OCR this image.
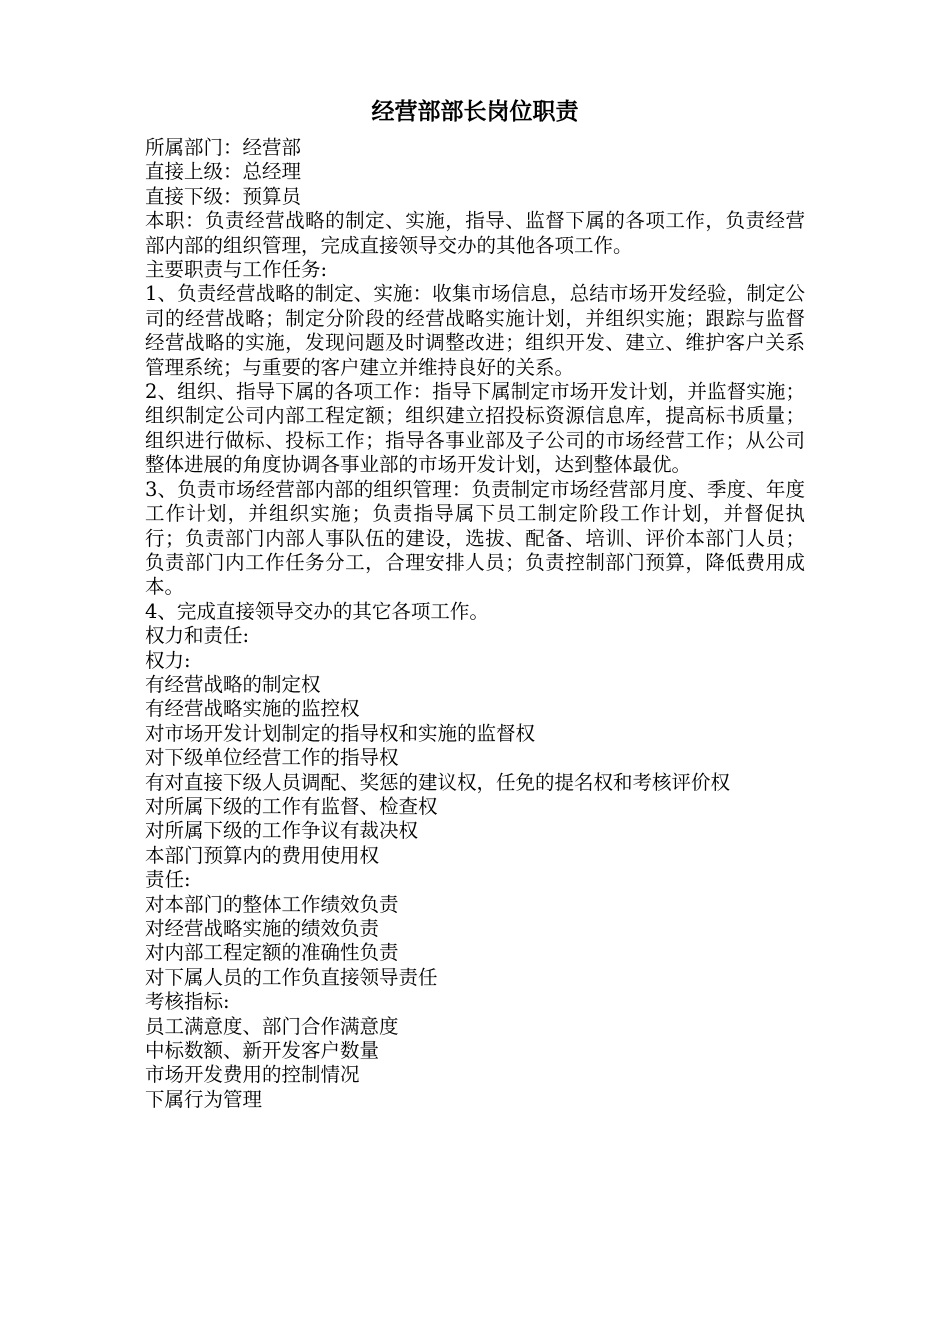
经营部部长岗位职责
所属部门：经营部
直接上级：总经理
直接下级：预算员
本职：负责经营战略的制定、实施，指导、监督下属的各项工作，负责经营部内部的组织管理，完成直接领导交办的其他各项工作。
主要职责与工作任务:
1、负责经营战略的制定、实施：收集市场信息，总结市场开发经验，制定公司的经营战略；制定分阶段的经营战略实施计划，并组织实施；跟踪与监督经营战略的实施，发现问题及时调整改进；组织开发、建立、维护客户关系管理系统；与重要的客户建立并维持良好的关系。
2、组织、指导下属的各项工作：指导下属制定市场开发计划，并监督实施；组织制定公司内部工程定额；组织建立招投标资源信息库，提高标书质量；组织进行做标、投标工作；指导各事业部及子公司的市场经营工作；从公司整体进展的角度协调各事业部的市场开发计划，达到整体最优。
3、负责市场经营部内部的组织管理：负责制定市场经营部月度、季度、年度工作计划，并组织实施；负责指导属下员工制定阶段工作计划，并督促执行；负责部门内部人事队伍的建设，选拔、配备、培训、评价本部门人员；负责部门内工作任务分工，合理安排人员；负责控制部门预算，降低费用成本。
4、完成直接领导交办的其它各项工作。
权力和责任:
权力:
有经营战略的制定权
有经营战略实施的监控权
对市场开发计划制定的指导权和实施的监督权
对下级单位经营工作的指导权
有对直接下级人员调配、奖惩的建议权，任免的提名权和考核评价权
对所属下级的工作有监督、检查权
对所属下级的工作争议有裁决权
本部门预算内的费用使用权
责任:
对本部门的整体工作绩效负责
对经营战略实施的绩效负责
对内部工程定额的准确性负责
对下属人员的工作负直接领导责任
考核指标:
员工满意度、部门合作满意度
中标数额、新开发客户数量
市场开发费用的控制情况
下属行为管理
